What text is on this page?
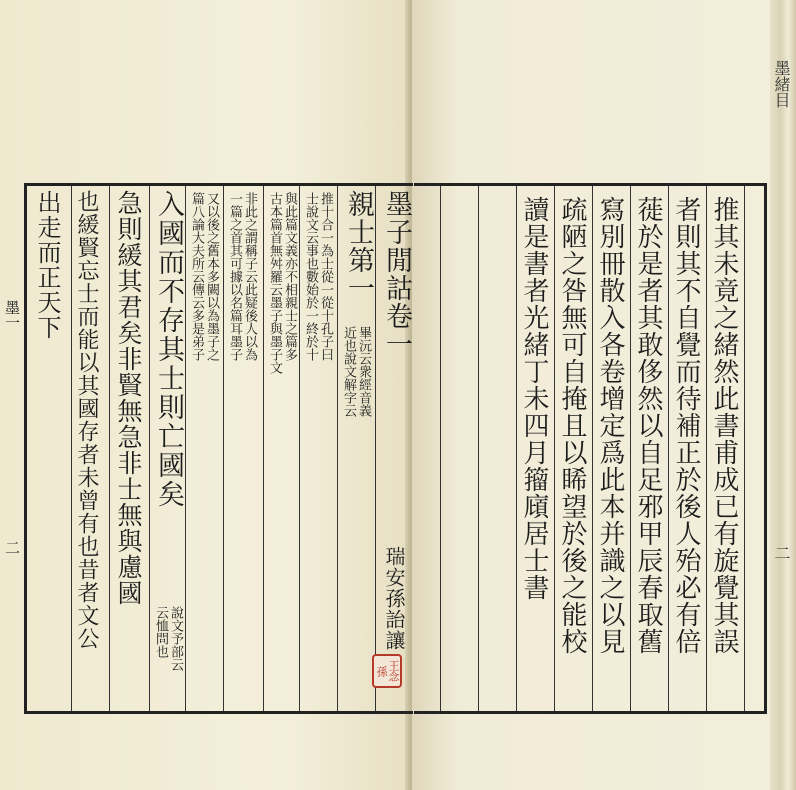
墨子閒詁卷一
瑞安孫詒讓
親士第一
畢沅云衆經音義
近也說文解字云
推十合一為士從一從十孔子曰
士說文云事也數始於一終於十
與此篇文義亦不相親士之篇多
古本篇首無舛羅云墨子與墨子文
非此之謂稱子云此疑後人以為
一篇之首其可據以名篇耳墨子
又以後之舊本多闕以為墨子之
篇八論大夫所云傳云多是弟子
入國而不存其士則亡國矣
說文予部云
云恤問也
急則緩其君矣非賢無急非士無與慮國
也緩賢忘士而能以其國存者未曾有也昔者文公
出走而正天下
王念孫
墨一
二	推其未竟之緒然此書甫成已有旋覺其誤
者則其不自覺而待補正於後人殆必有倍
蓰於是者其敢侈然以自足邪甲辰春取舊
寫別冊散入各卷增定爲此本并識之以見
疏陋之咎無可自掩且以睎望於後之能校
讀是書者光緒丁未四月籀廎居士書
墨緒目
二
